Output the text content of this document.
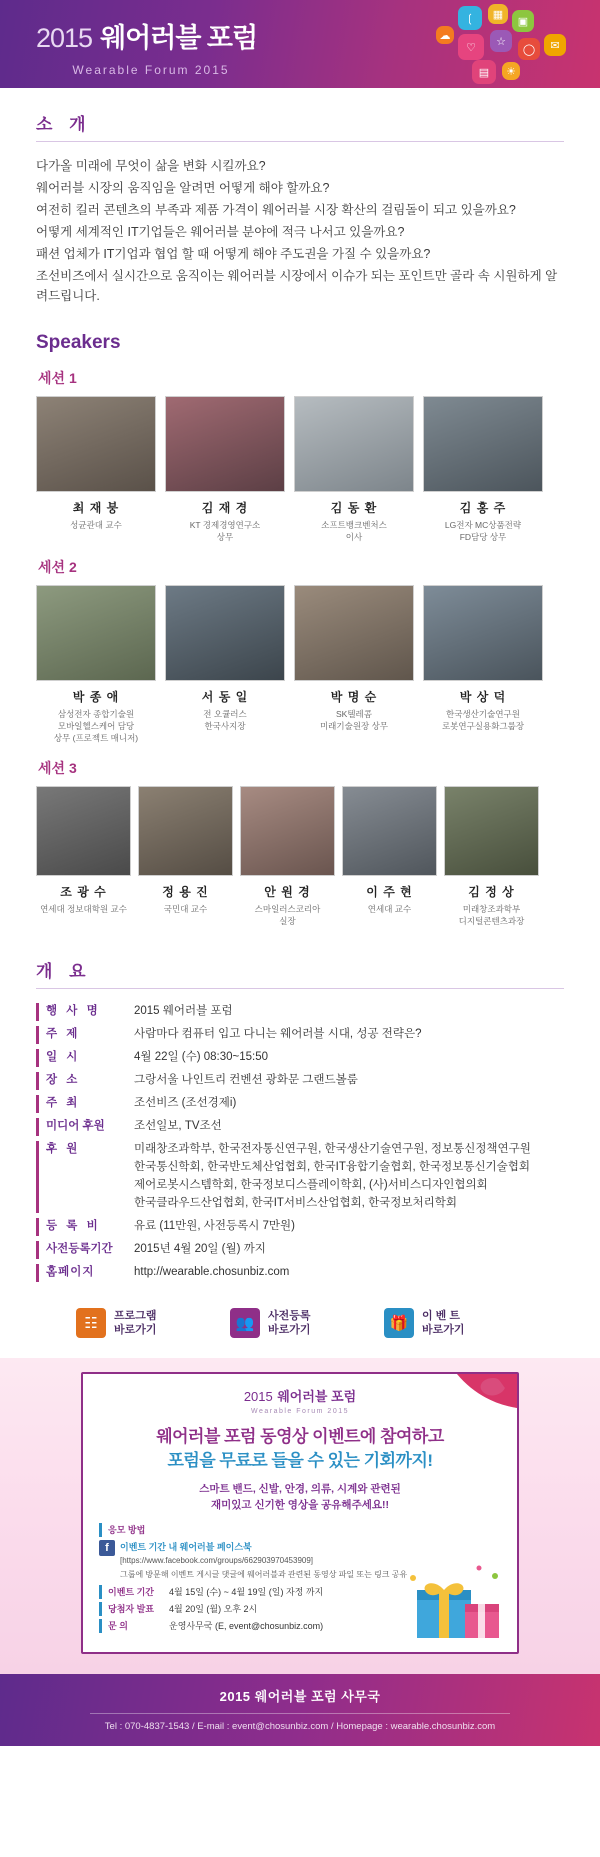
2015 웨어러블 포럼
Wearable Forum 2015
❲	▦
▣
☁
♡	☆
◯	✉
▤	☀
소 개

다가올 미래에 무엇이 삶을 변화 시킬까요?

웨어러블 시장의 움직임을 알려면 어떻게 해야 할까요?

여전히 킬러 콘텐츠의 부족과 제품 가격이 웨어러블 시장 확산의 걸림돌이 되고 있을까요?

어떻게 세계적인 IT기업들은 웨어러블 분야에 적극 나서고 있을까요?

패션 업체가 IT기업과 협업 할 때 어떻게 해야 주도권을 가질 수 있을까요?

조선비즈에서 실시간으로 움직이는 웨어러블 시장에서 이슈가 되는 포인트만 골라 속 시원하게 알려드립니다.

Speakers
세션 1
최 재 붕
성균관대 교수
김 재 경
KT 경제경영연구소
상무
김 동 환
소프트뱅크벤처스
이사
김 홍 주
LG전자 MC상품전략
FD담당 상무
세션 2
박 종 애
삼성전자 종합기술원
모바일헬스케어 담당
상무 (프로젝트 매니저)
서 동 일
전 오큘러스
한국사지장
박 명 순
SK텔레콤
미래기술원장 상무
박 상 덕
한국생산기술연구원
로봇연구실용화그룹장
세션 3
조 광 수
연세대 정보대학원 교수
정 용 진
국민대 교수
안 원 경
스마일러스코리아
실장
이 주 현
연세대 교수
김 정 상
미래창조과학부
디지털콘텐츠과장
개 요
행 사 명	2015 웨어러블 포럼
주 제	사람마다 컴퓨터 입고 다니는 웨어러블 시대, 성공 전략은?
일 시	4월 22일 (수) 08:30~15:50
장 소	그랑서울 나인트리 컨벤션 광화문 그랜드볼룸
주 최	조선비즈 (조선경제i)
미디어 후원	조선일보, TV조선
후 원	미래창조과학부, 한국전자통신연구원, 한국생산기술연구원, 정보통신정책연구원
한국통신학회, 한국반도체산업협회, 한국IT융합기술협회, 한국정보통신기술협회
제어로봇시스템학회, 한국정보디스플레이학회, (사)서비스디자인협의회
한국클라우드산업협회, 한국IT서비스산업협회, 한국정보처리학회
등 록 비	유료 (11만원, 사전등록시 7만원)
사전등록기간	2015년 4월 20일 (월) 까지
홈페이지	http://wearable.chosunbiz.com
☷	프로그램
바로가기	👥	사전등록
바로가기	🎁	이 벤 트
바로가기
2015 웨어러블 포럼
Wearable Forum 2015
웨어러블 포럼 동영상 이벤트에 참여하고
포럼을 무료로 들을 수 있는 기회까지!
스마트 밴드, 신발, 안경, 의류, 시계와 관련된
재미있고 신기한 영상을 공유해주세요!!
응모 방법
f	이벤트 기간 내 웨어러블 페이스북
[https://www.facebook.com/groups/662903970453909]
그룹에 방문해 이벤트 게시글 댓글에 웨어러블과 관련된 동영상 파일 또는 링크 공유
이벤트 기간	4월 15일 (수) ~ 4월 19일 (일) 자정 까지
당첨자 발표	4월 20일 (월) 오후 2시
문 의	운영사무국 (E, event@chosunbiz.com)
2015 웨어러블 포럼 사무국
Tel : 070-4837-1543 / E-mail : event@chosunbiz.com / Homepage : wearable.chosunbiz.com
